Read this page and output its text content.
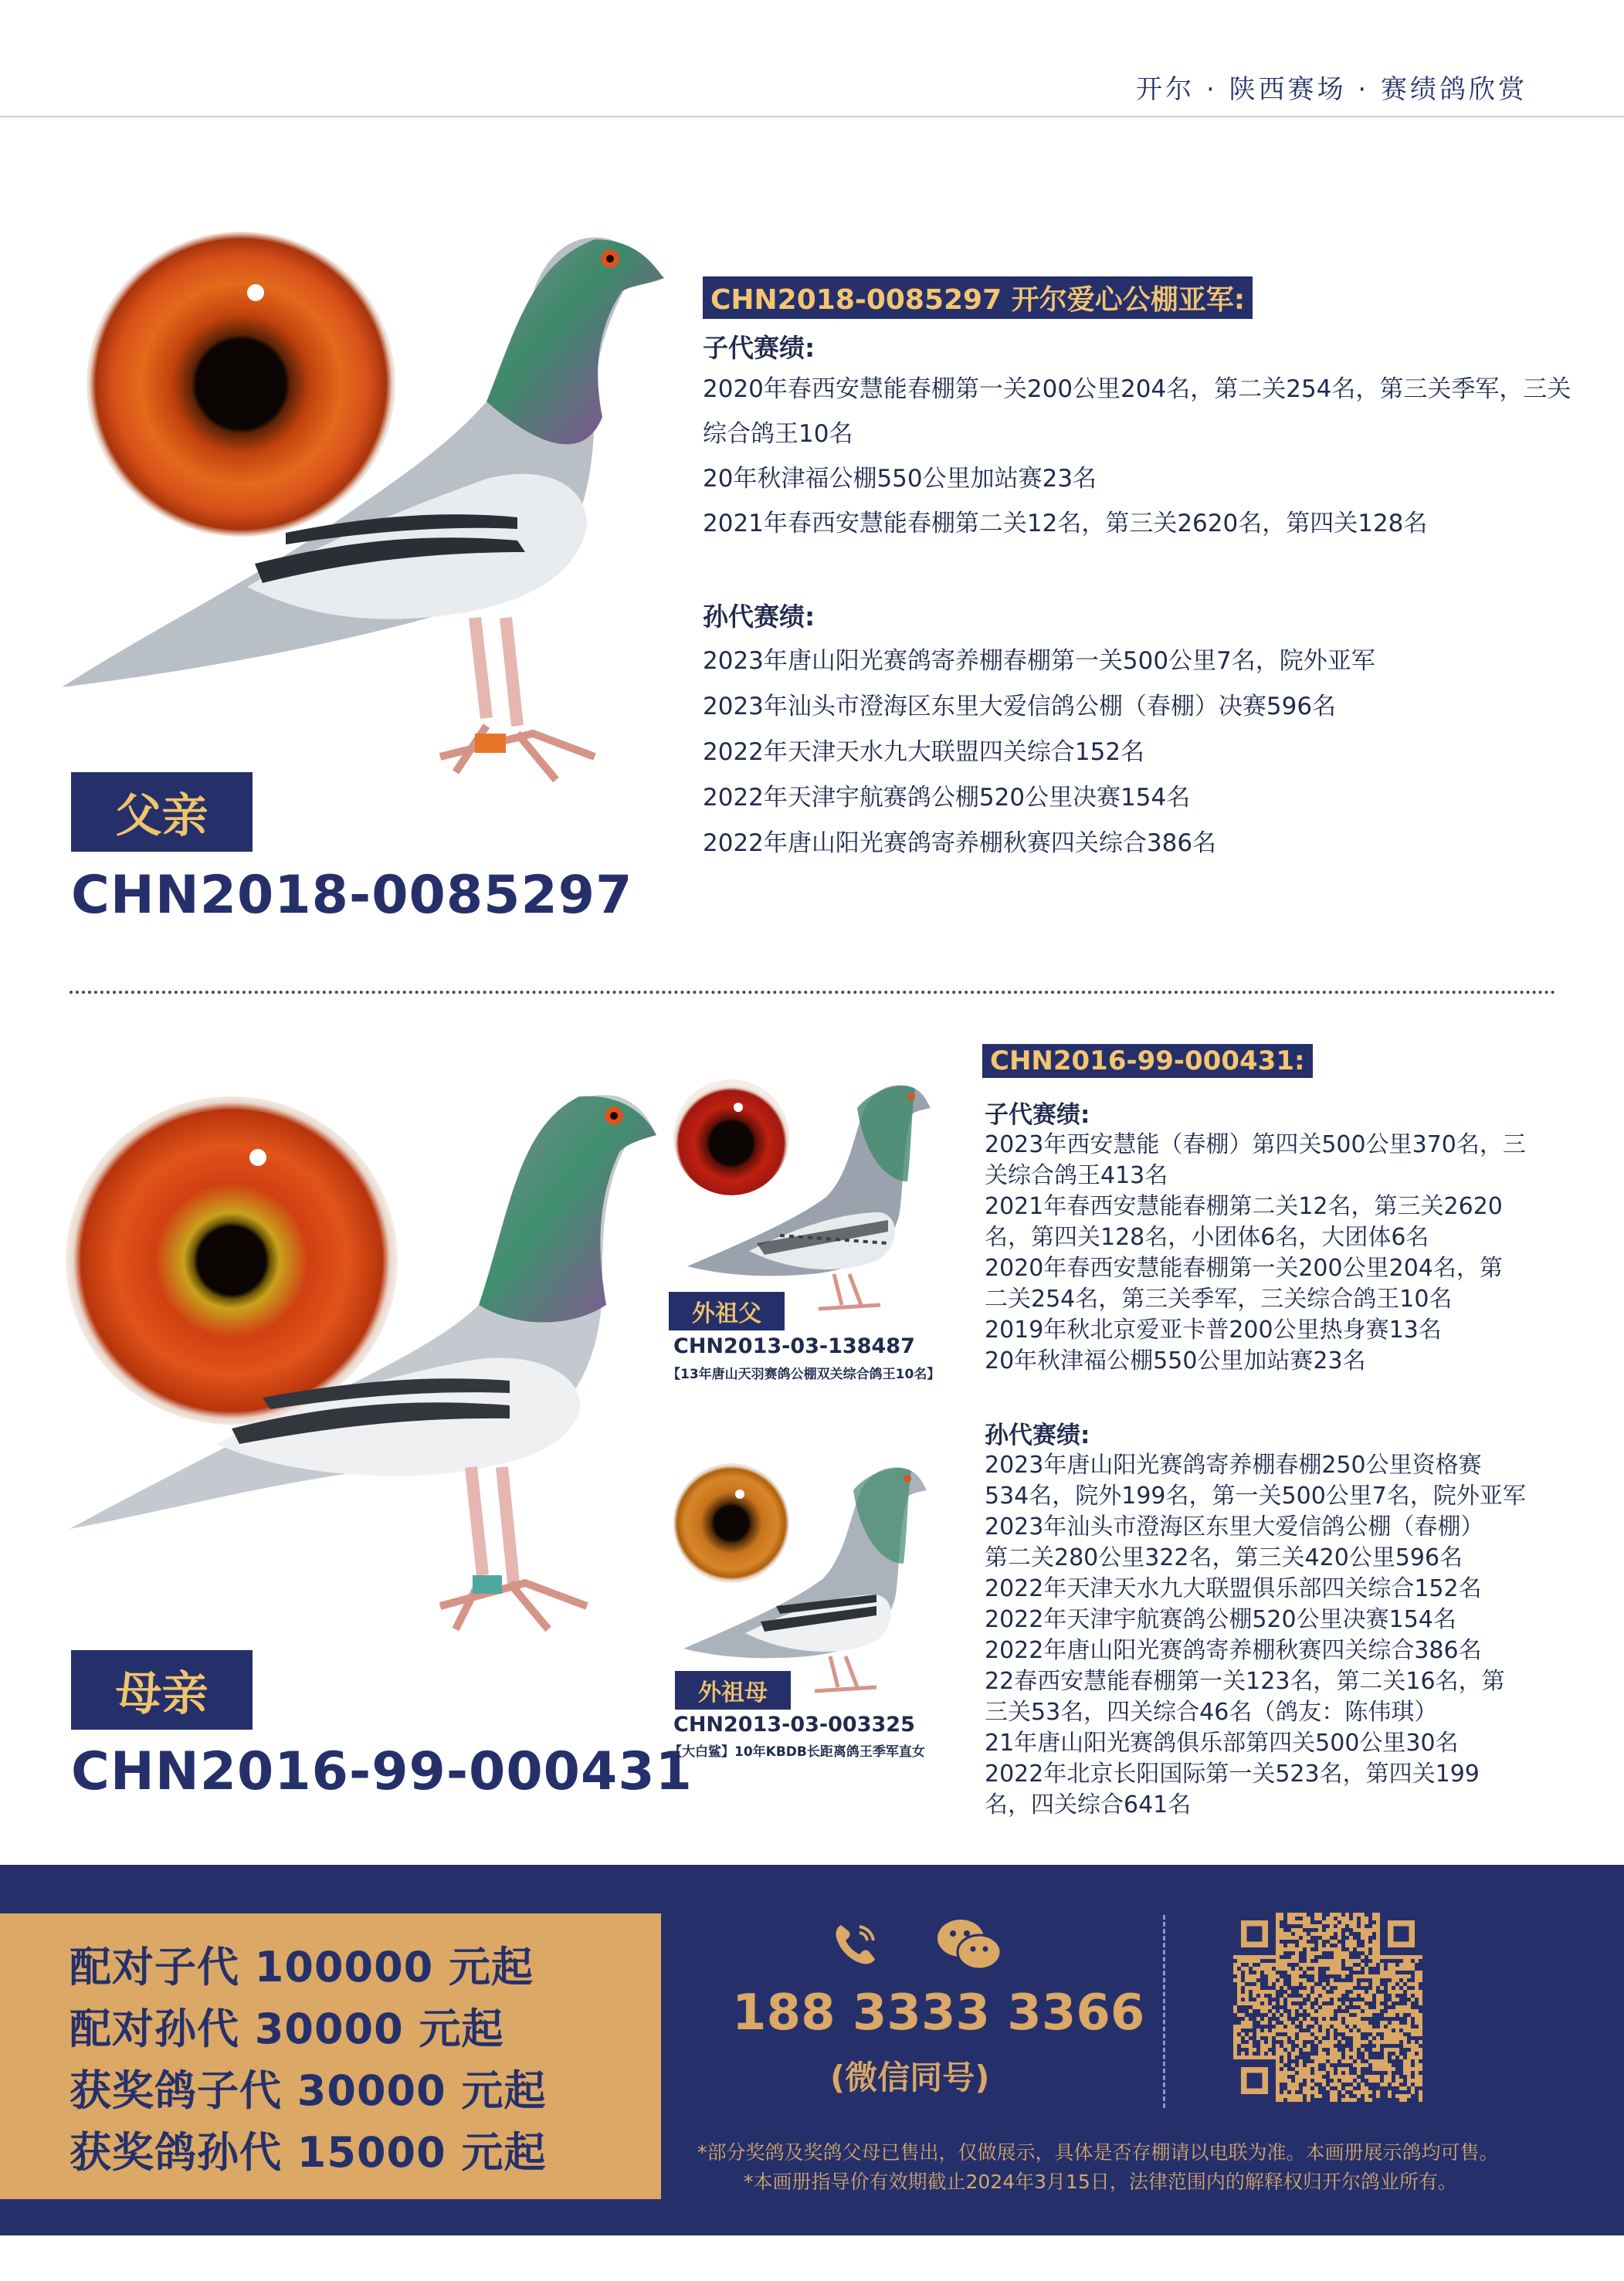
开尔 · 陕西赛场 · 赛绩鸽欣赏
父亲
CHN2018-0085297
CHN2018-0085297 开尔爱心公棚亚军:
子代赛绩:
2020年春西安慧能春棚第一关200公里204名，第二关254名，第三关季军，三关
综合鸽王10名
20年秋津福公棚550公里加站赛23名
2021年春西安慧能春棚第二关12名，第三关2620名，第四关128名
孙代赛绩:
2023年唐山阳光赛鸽寄养棚春棚第一关500公里7名，院外亚军
2023年汕头市澄海区东里大爱信鸽公棚（春棚）决赛596名
2022年天津天水九大联盟四关综合152名
2022年天津宇航赛鸽公棚520公里决赛154名
2022年唐山阳光赛鸽寄养棚秋赛四关综合386名
母亲
CHN2016-99-000431
外祖父
CHN2013-03-138487
【13年唐山天羽赛鸽公棚双关综合鸽王10名】
外祖母
CHN2013-03-003325
【大白鲨】10年KBDB长距离鸽王季军直女
CHN2016-99-000431:
子代赛绩:
2023年西安慧能（春棚）第四关500公里370名，三
关综合鸽王413名
2021年春西安慧能春棚第二关12名，第三关2620
名，第四关128名，小团体6名，大团体6名
2020年春西安慧能春棚第一关200公里204名，第
二关254名，第三关季军，三关综合鸽王10名
2019年秋北京爱亚卡普200公里热身赛13名
20年秋津福公棚550公里加站赛23名
孙代赛绩:
2023年唐山阳光赛鸽寄养棚春棚250公里资格赛
534名，院外199名，第一关500公里7名，院外亚军
2023年汕头市澄海区东里大爱信鸽公棚（春棚）
第二关280公里322名，第三关420公里596名
2022年天津天水九大联盟俱乐部四关综合152名
2022年天津宇航赛鸽公棚520公里决赛154名
2022年唐山阳光赛鸽寄养棚秋赛四关综合386名
22春西安慧能春棚第一关123名，第二关16名，第
三关53名，四关综合46名（鸽友：陈伟琪）
21年唐山阳光赛鸽俱乐部第四关500公里30名
2022年北京长阳国际第一关523名，第四关199
名，四关综合641名
配对子代 100000 元起
配对孙代 30000 元起
获奖鸽子代 30000 元起
获奖鸽孙代 15000 元起
188 3333 3366
(微信同号)
*部分奖鸽及奖鸽父母已售出，仅做展示，具体是否存棚请以电联为准。本画册展示鸽均可售。
*本画册指导价有效期截止2024年3月15日，法律范围内的解释权归开尔鸽业所有。
